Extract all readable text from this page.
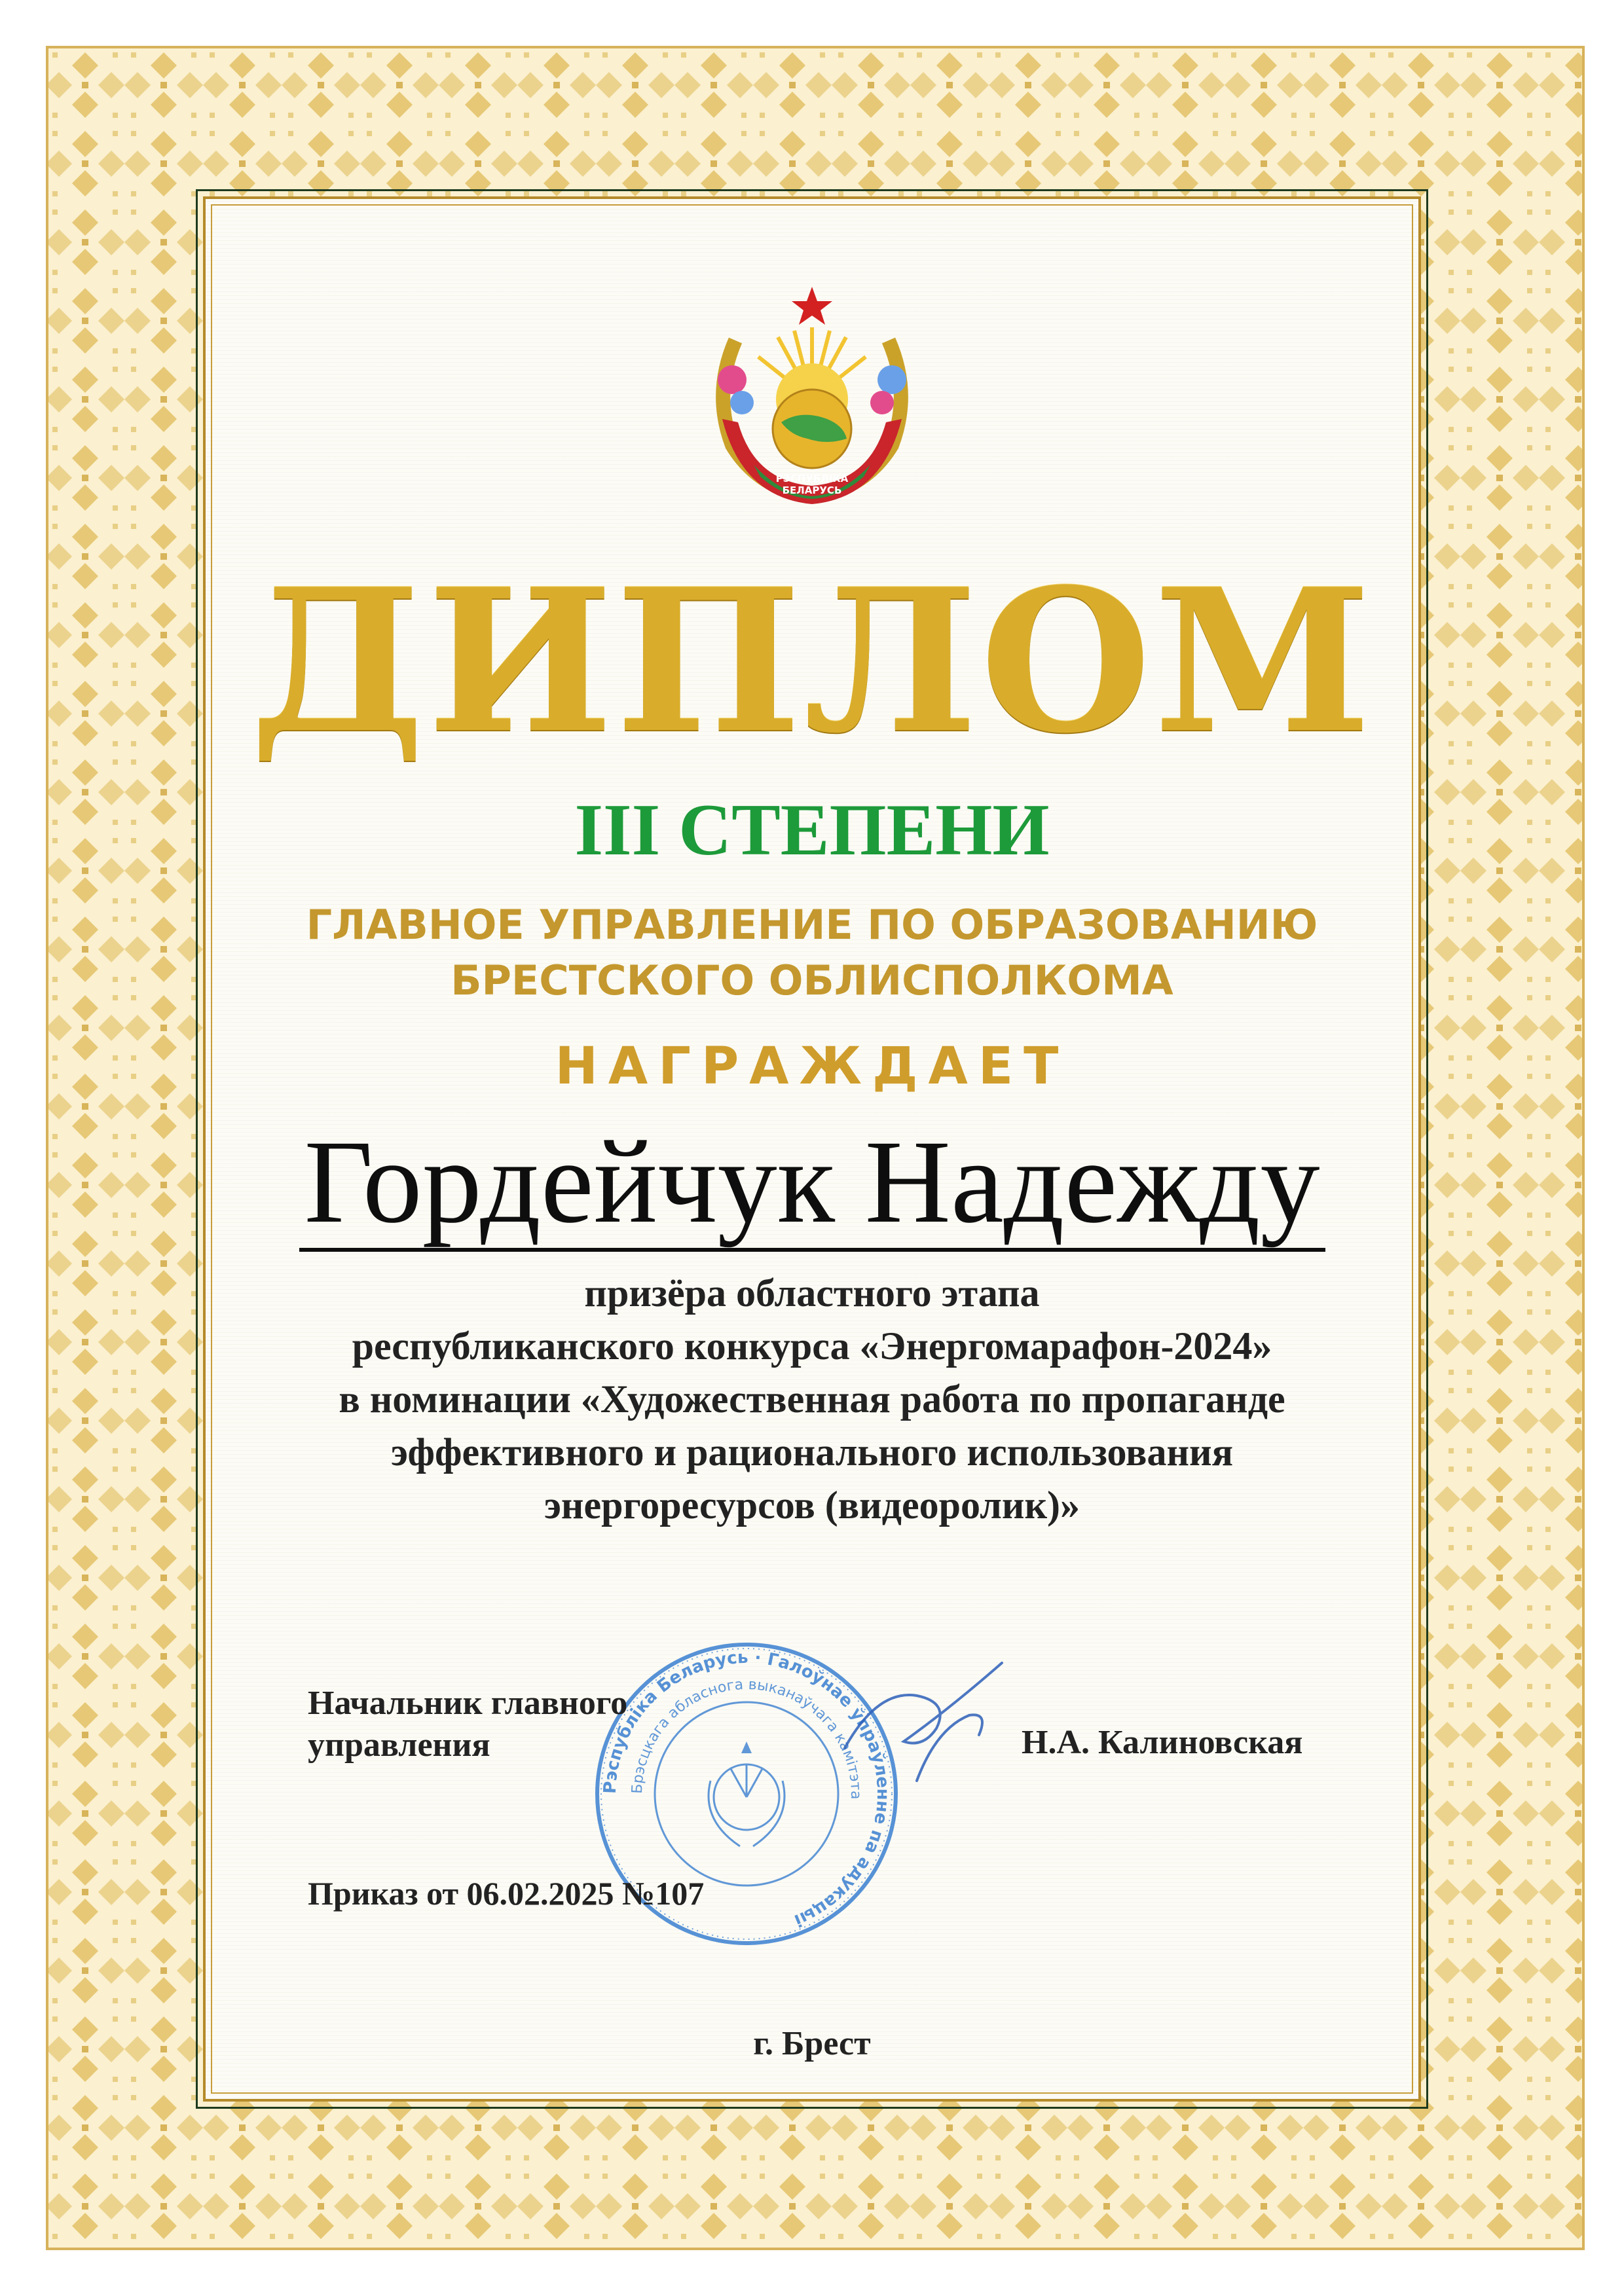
РЭСПУБЛІКА
БЕЛАРУСЬ
ДИПЛОМ
III СТЕПЕНИ
ГЛАВНОЕ УПРАВЛЕНИЕ ПО ОБРАЗОВАНИЮ
БРЕСТСКОГО ОБЛИСПОЛКОМА
НАГРАЖДАЕТ
Гордейчук Надежду
призёра областного этапа
республиканского конкурса «Энергомарафон-2024»
в номинации «Художественная работа по пропаганде
эффективного и рационального использования
энергоресурсов (видеоролик)»
Рэспубліка Беларусь · Галоўнае ўпраўленне па адукацыі
Брэсцкага абласнога выканаўчага камітэта
Начальник главного
управления	Н.А. Калиновская
Приказ от 06.02.2025 №107
г. Брест
